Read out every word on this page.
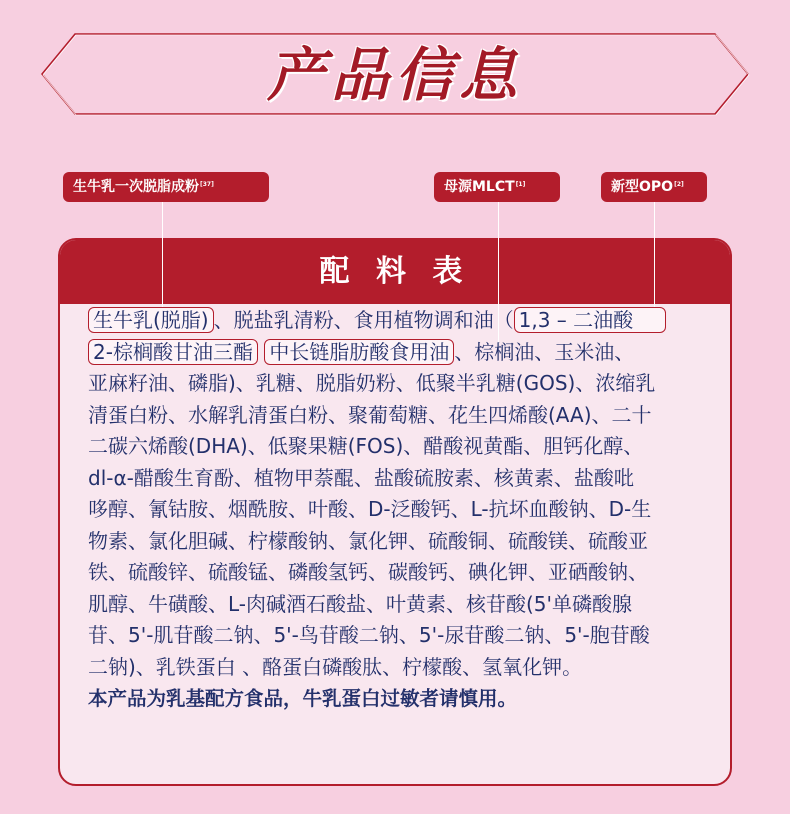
产品信息
生牛乳一次脱脂成粉[37]	母源MLCT[1]	新型OPO[2]
配 料 表
生牛乳(脱脂) 、脱盐乳清粉、食用植物调和油（ 1,3 – 二油酸
2-棕榈酸甘油三酯 中长链脂肪酸食用油 、棕榈油、玉米油、
亚麻籽油、磷脂)、乳糖、脱脂奶粉、低聚半乳糖(GOS)、浓缩乳
清蛋白粉、水解乳清蛋白粉、聚葡萄糖、花生四烯酸(AA)、二十
二碳六烯酸(DHA)、低聚果糖(FOS)、醋酸视黄酯、胆钙化醇、
dl-α-醋酸生育酚、植物甲萘醌、盐酸硫胺素、核黄素、盐酸吡
哆醇、氰钴胺、烟酰胺、叶酸、D-泛酸钙、L-抗坏血酸钠、D-生
物素、氯化胆碱、柠檬酸钠、氯化钾、硫酸铜、硫酸镁、硫酸亚
铁、硫酸锌、硫酸锰、磷酸氢钙、碳酸钙、碘化钾、亚硒酸钠、
肌醇、牛磺酸、L-肉碱酒石酸盐、叶黄素、核苷酸(5'单磷酸腺
苷、5'-肌苷酸二钠、5'-鸟苷酸二钠、5'-尿苷酸二钠、5'-胞苷酸
二钠)、乳铁蛋白 、酪蛋白磷酸肽、柠檬酸、氢氧化钾。
本产品为乳基配方食品，牛乳蛋白过敏者请慎用。
